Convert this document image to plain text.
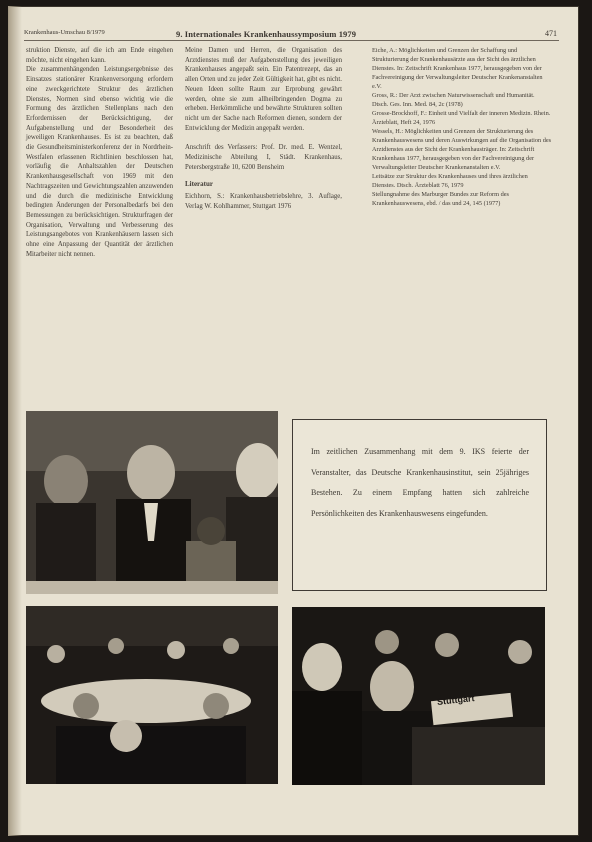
Krankenhaus-Umschau 8/1979	9. Internationales Krankenhaussymposium 1979	471

struktion Dienste, auf die ich am Ende eingehen möchte, nicht eingehen kann.

Die zusammenhängenden Leistungsergebnisse des Einsatzes stationärer Krankenversorgung erfordern eine zweckgerichtete Struktur des ärztlichen Dienstes, Normen sind ebenso wichtig wie die Formung des ärztlichen Stellenplans nach den Erfordernissen der Berücksichtigung, der Aufgabenstellung und der Besonderheit des jeweiligen Krankenhauses. Es ist zu beachten, daß die Gesundheitsministerkonferenz der in Nordrhein-Westfalen erlassenen Richtlinien beschlossen hat, vorläufig die Anhaltszahlen der Deutschen Krankenhausgesellschaft von 1969 mit den Nachtragszeiten und Gewichtungszahlen anzuwenden und die durch die medizinische Entwicklung bedingten Änderungen der Personalbedarfs bei den Bemessungen zu berücksichtigen. Strukturfragen der Organisation, Verwaltung und Verbesserung des Leistungsangebotes von Krankenhäusern lassen sich ohne eine Anpassung der Quantität der ärztlichen Mitarbeiter nicht nennen.

Meine Damen und Herren, die Organisation des Arztdienstes muß der Aufgabenstellung des jeweiligen Krankenhauses angepaßt sein. Ein Patentrezept, das an allen Orten und zu jeder Zeit Gültigkeit hat, gibt es nicht. Neuen Ideen sollte Raum zur Erprobung gewährt werden, ohne sie zum allheilbringenden Dogma zu erheben. Herkömmliche und bewährte Strukturen sollten nicht um der Sache nach Reformen dienen, sondern der Entwicklung der Medizin angepaßt werden.

Anschrift des Verfassers: Prof. Dr. med. E. Wentzel, Medizinische Abteilung I, Städt. Krankenhaus, Petersbergstraße 10, 6200 Bensheim

Literatur

Eichhorn, S.: Krankenhausbetriebslehre, 3. Auflage, Verlag W. Kohlhammer, Stuttgart 1976

Eiche, A.: Möglichkeiten und Grenzen der Schaffung und Strukturierung der Krankenhausärzte aus der Sicht des ärztlichen Dienstes. In: Zeitschrift Krankenhaus 1977, herausgegeben von der Fachvereinigung der Verwaltungsleiter Deutscher Krankenanstalten e.V.

Gross, R.: Der Arzt zwischen Naturwissenschaft und Humanität. Dtsch. Ges. Inn. Med. 84, 2c (1978)

Grosse-Brockhoff, F.: Einheit und Vielfalt der inneren Medizin. Rhein. Ärzteblatt, Heft 24, 1976

Wessels, H.: Möglichkeiten und Grenzen der Strukturierung des Krankenhauswesens und deren Auswirkungen auf die Organisation des Arztdienstes aus der Sicht der Krankenhausträger. In: Zeitschrift Krankenhaus 1977, herausgegeben von der Fachvereinigung der Verwaltungsleiter Deutscher Krankenanstalten e.V.

Leitsätze zur Struktur des Krankenhauses und ihres ärztlichen Dienstes. Dtsch. Ärzteblatt 76, 1979

Stellungnahme des Marburger Bundes zur Reform des Krankenhauswesens, ebd. / das und 24, 145 (1977)

Im zeitlichen Zusammenhang mit dem 9. IKS feierte der Veranstalter, das Deutsche Krankenhausinstitut, sein 25jähriges Bestehen. Zu einem Empfang hatten sich zahlreiche Persönlichkeiten des Krankenhauswesens eingefunden.
Stuttgart
